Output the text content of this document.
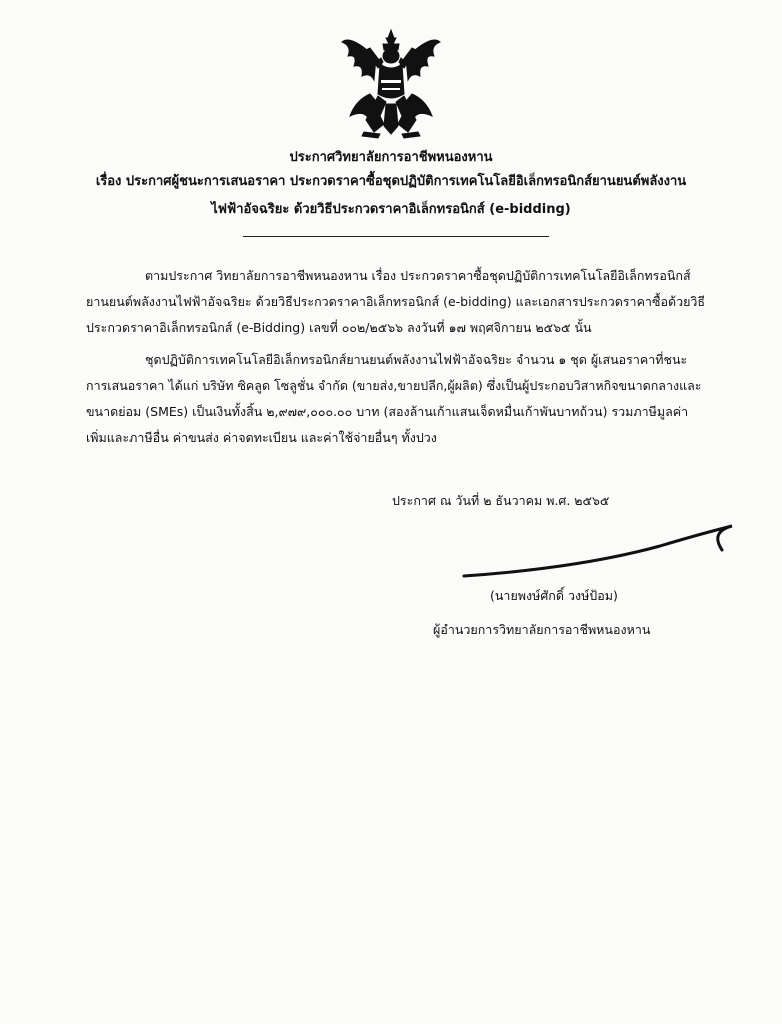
ประกาศวิทยาลัยการอาชีพหนองหาน
เรื่อง ประกาศผู้ชนะการเสนอราคา ประกวดราคาซื้อชุดปฏิบัติการเทคโนโลยีอิเล็กทรอนิกส์ยานยนต์พลังงาน
ไฟฟ้าอัจฉริยะ ด้วยวิธีประกวดราคาอิเล็กทรอนิกส์ (e-bidding)
ตามประกาศ วิทยาลัยการอาชีพหนองหาน เรื่อง ประกวดราคาซื้อชุดปฏิบัติการเทคโนโลยีอิเล็กทรอนิกส์
ยานยนต์พลังงานไฟฟ้าอัจฉริยะ ด้วยวิธีประกวดราคาอิเล็กทรอนิกส์ (e-bidding) และเอกสารประกวดราคาซื้อด้วยวิธี
ประกวดราคาอิเล็กทรอนิกส์ (e-Bidding) เลขที่ ๐๐๒/๒๕๖๖ ลงวันที่ ๑๗ พฤศจิกายน ๒๕๖๕ นั้น
ชุดปฏิบัติการเทคโนโลยีอิเล็กทรอนิกส์ยานยนต์พลังงานไฟฟ้าอัจฉริยะ จำนวน ๑ ชุด ผู้เสนอราคาที่ชนะ
การเสนอราคา ได้แก่ บริษัท ซิคลูด โซลูชั่น จำกัด (ขายส่ง,ขายปลีก,ผู้ผลิต) ซึ่งเป็นผู้ประกอบวิสาหกิจขนาดกลางและ
ขนาดย่อม (SMEs) เป็นเงินทั้งสิ้น ๒,๙๗๙,๐๐๐.๐๐ บาท (สองล้านเก้าแสนเจ็ดหมื่นเก้าพันบาทถ้วน) รวมภาษีมูลค่า
เพิ่มและภาษีอื่น ค่าขนส่ง ค่าจดทะเบียน และค่าใช้จ่ายอื่นๆ ทั้งปวง
ประกาศ ณ วันที่ ๒ ธันวาคม พ.ศ. ๒๕๖๕
(นายพงษ์ศักดิ์ วงษ์ป้อม)
ผู้อำนวยการวิทยาลัยการอาชีพหนองหาน
